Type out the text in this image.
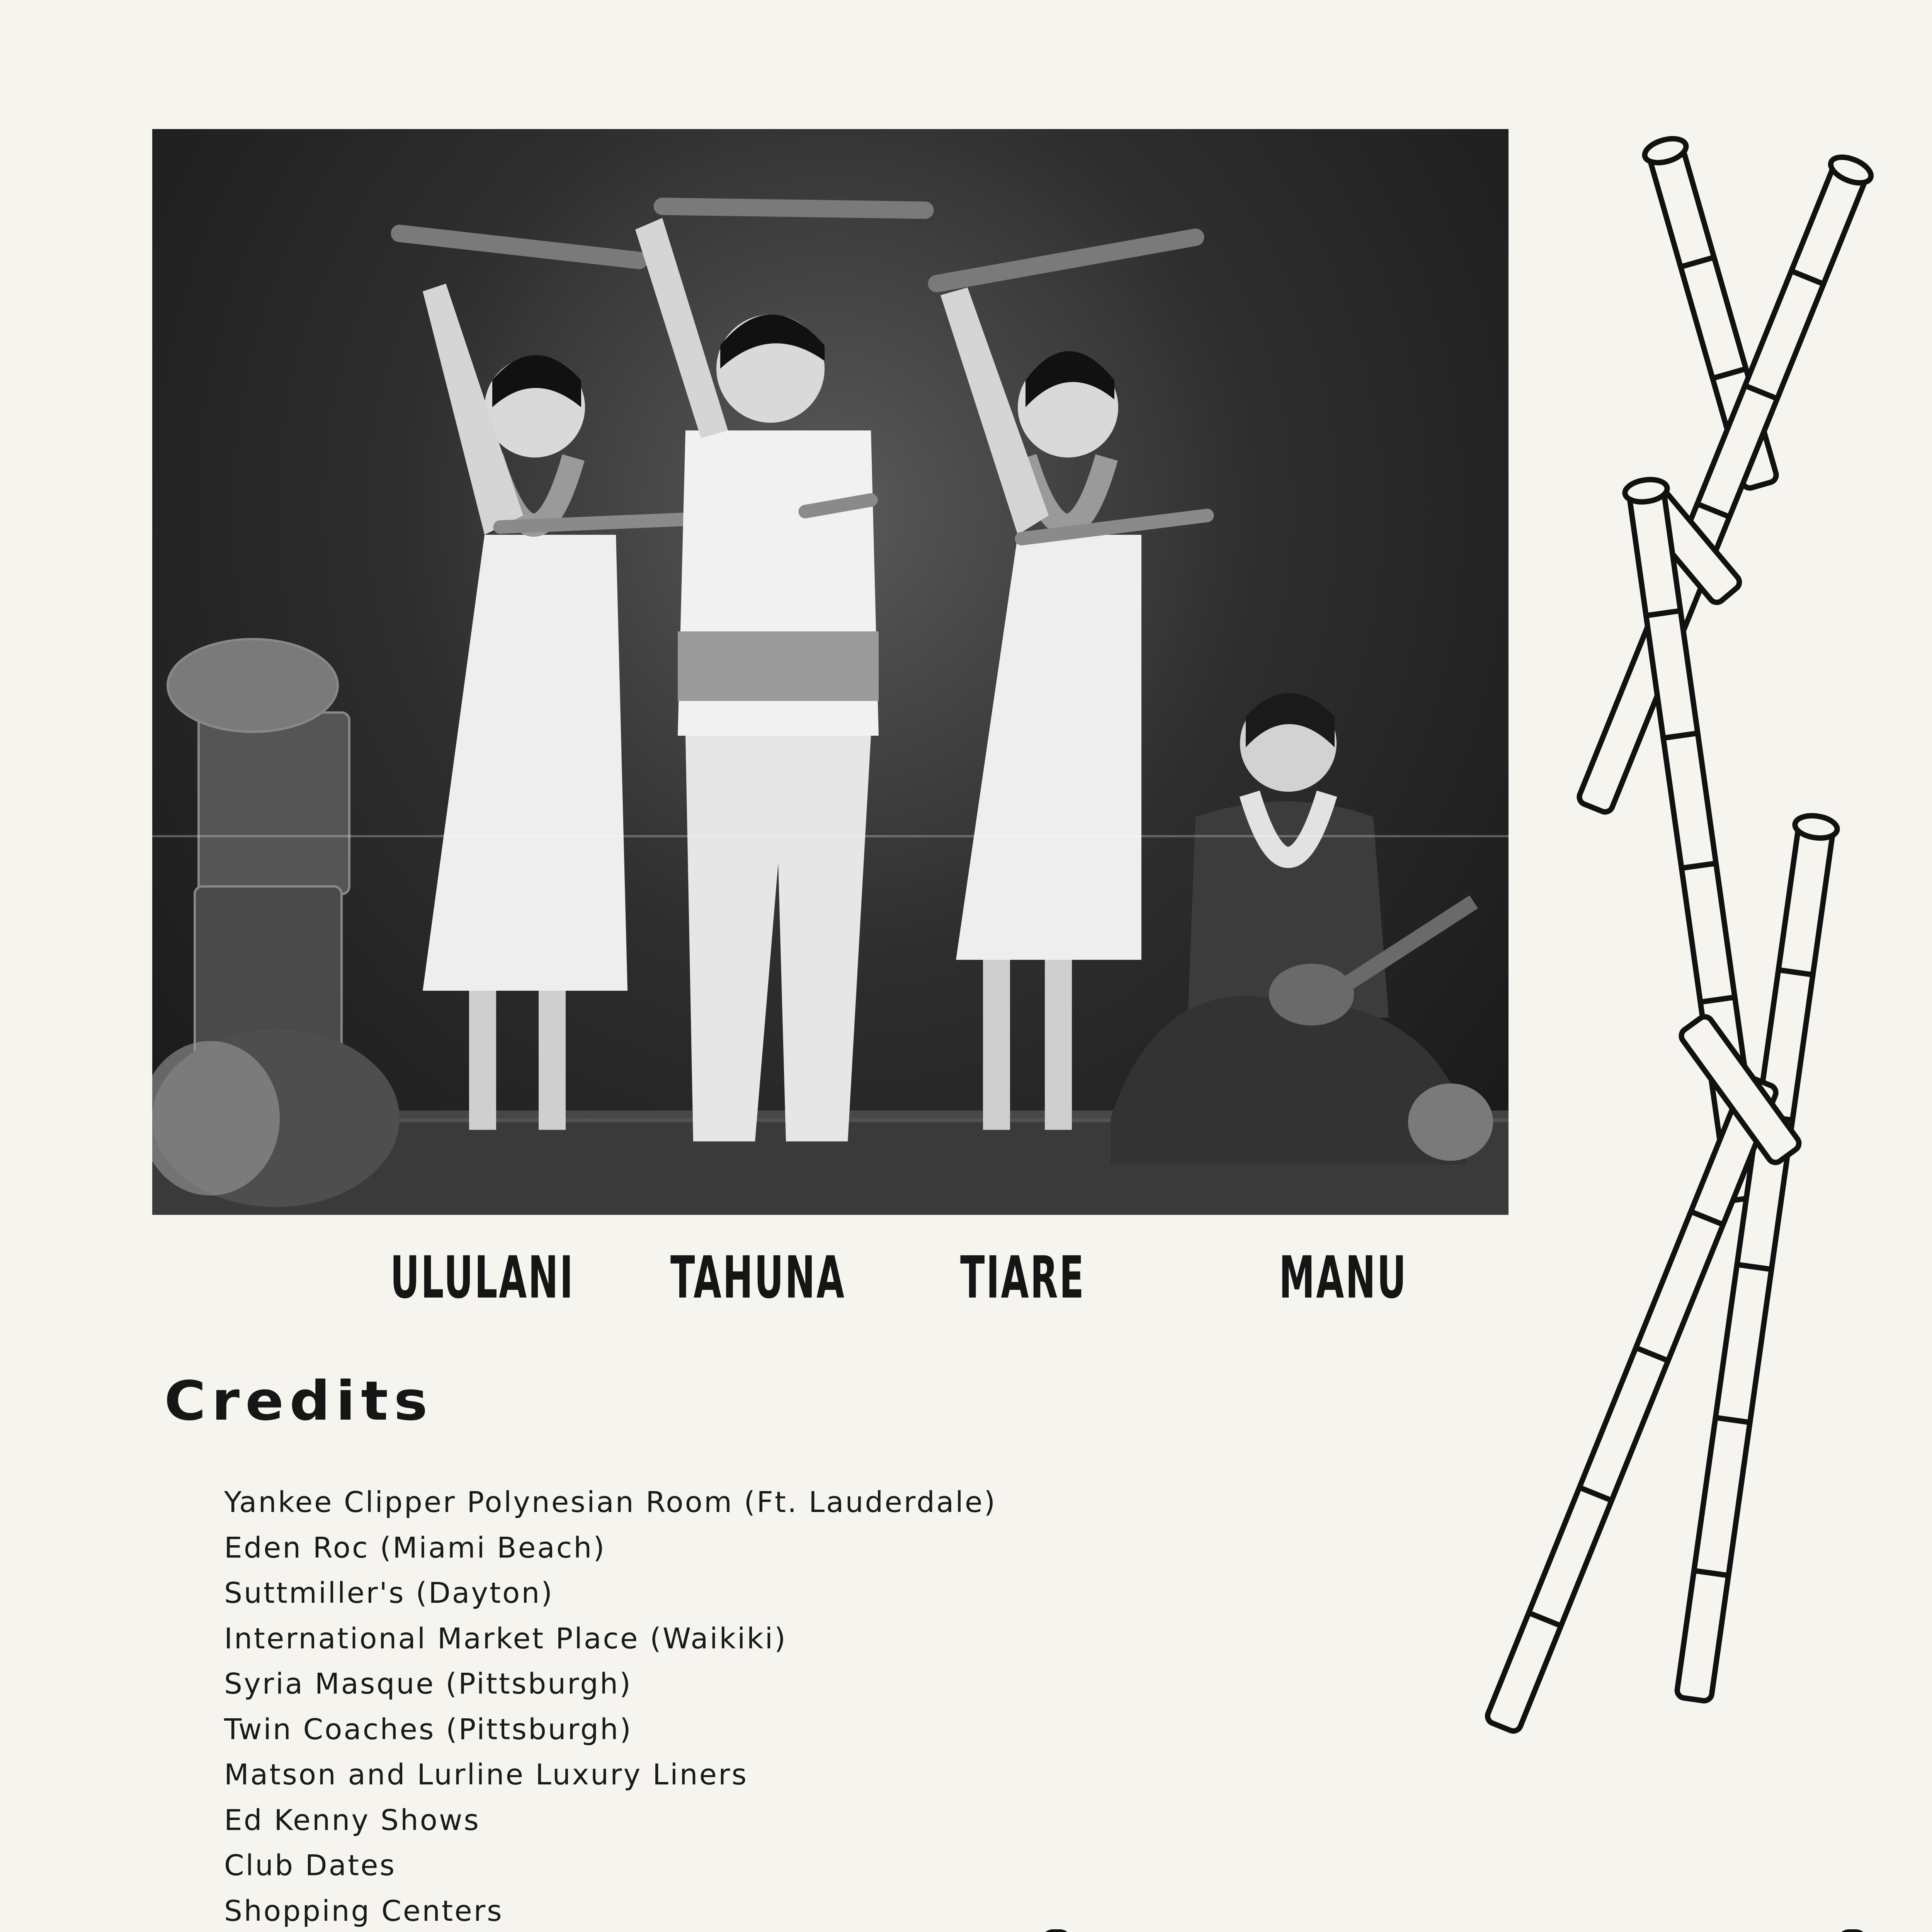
ULULANI TAHUNA TIARE	MANU
Credits
Yankee Clipper Polynesian Room (Ft. Lauderdale)
Eden Roc (Miami Beach)
Suttmiller's (Dayton)
International Market Place (Waikiki)
Syria Masque (Pittsburgh)
Twin Coaches (Pittsburgh)
Matson and Lurline Luxury Liners
Ed Kenny Shows
Club Dates
Shopping Centers
